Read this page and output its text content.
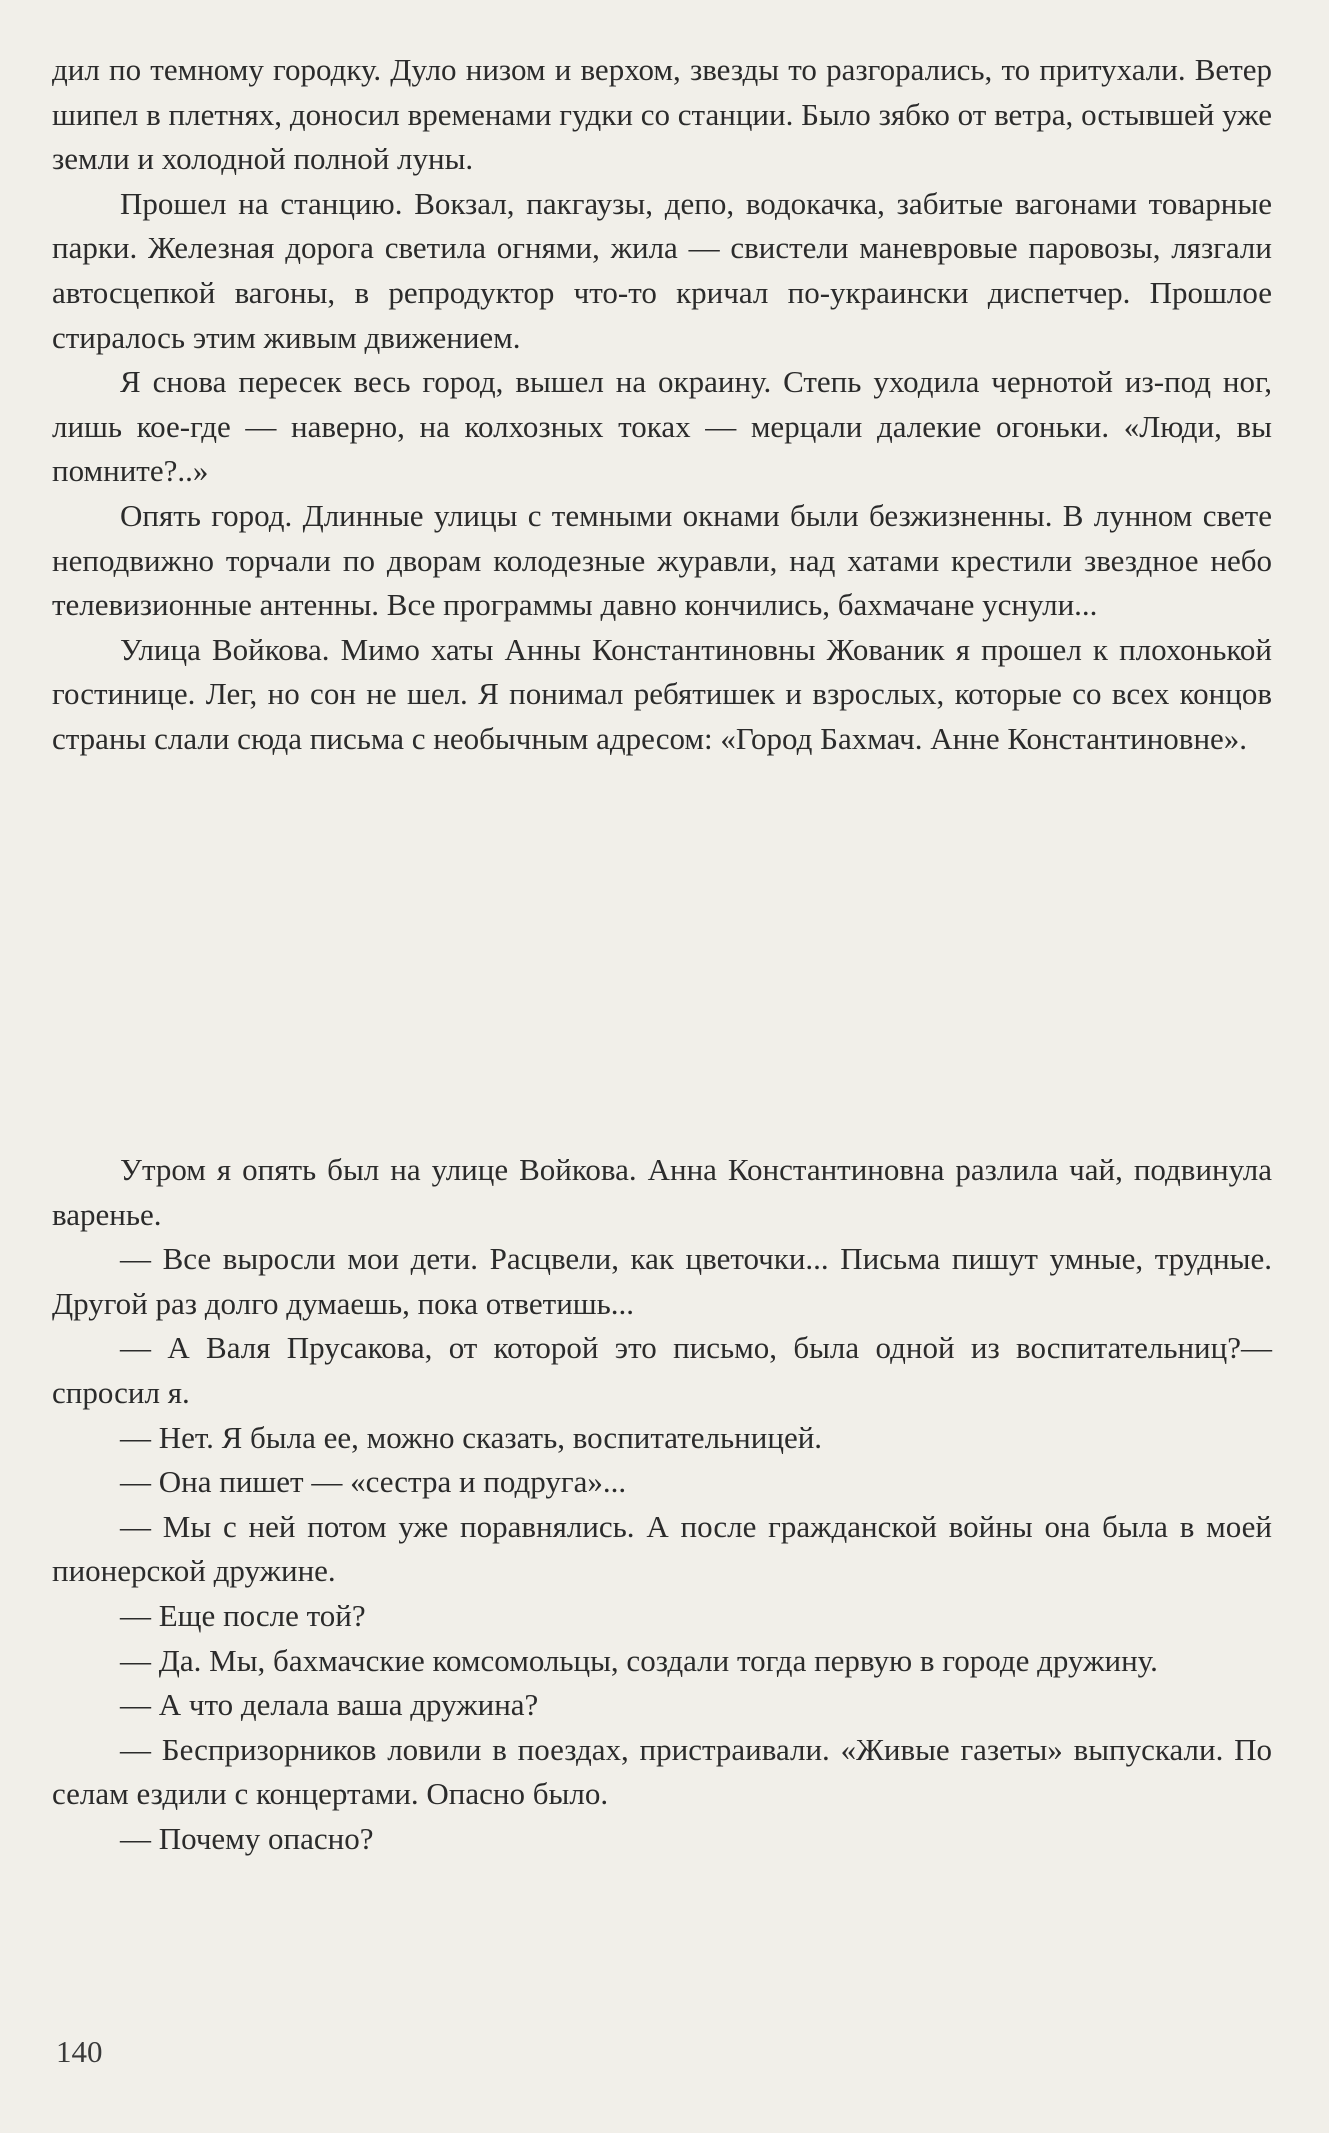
дил по темному городку. Дуло низом и верхом, звезды то разгорались, то притухали. Ветер шипел в плетнях, доносил временами гудки со станции. Было зябко от ветра, остывшей уже земли и холодной полной луны.

Прошел на станцию. Вокзал, пакгаузы, депо, водокачка, забитые вагонами товарные парки. Железная дорога светила огнями, жила — свистели маневровые паровозы, лязгали автосцепкой вагоны, в репродуктор что-то кричал по-украински диспетчер. Прошлое стиралось этим живым движением.

Я снова пересек весь город, вышел на окраину. Степь уходила чернотой из-под ног, лишь кое-где — наверно, на колхозных токах — мерцали далекие огоньки. «Люди, вы помните?..»

Опять город. Длинные улицы с темными окнами были безжизненны. В лунном свете неподвижно торчали по дворам колодезные журавли, над хатами крестили звездное небо телевизионные антенны. Все программы давно кончились, бахмачане уснули...

Улица Войкова. Мимо хаты Анны Константиновны Жованик я прошел к плохонькой гостинице. Лег, но сон не шел. Я понимал ребятишек и взрослых, которые со всех концов страны слали сюда письма с необычным адресом: «Город Бахмач. Анне Константиновне».

Утром я опять был на улице Войкова. Анна Константиновна разлила чай, подвинула варенье.

— Все выросли мои дети. Расцвели, как цветочки... Письма пишут умные, трудные. Другой раз долго думаешь, пока ответишь...

— А Валя Прусакова, от которой это письмо, была одной из воспитательниц?— спросил я.

— Нет. Я была ее, можно сказать, воспитательницей.

— Она пишет — «сестра и подруга»...

— Мы с ней потом уже поравнялись. А после гражданской войны она была в моей пионерской дружине.

— Еще после той?

— Да. Мы, бахмачские комсомольцы, создали тогда первую в городе дружину.

— А что делала ваша дружина?

— Беспризорников ловили в поездах, пристраивали. «Живые газеты» выпускали. По селам ездили с концертами. Опасно было.

— Почему опасно?

140
